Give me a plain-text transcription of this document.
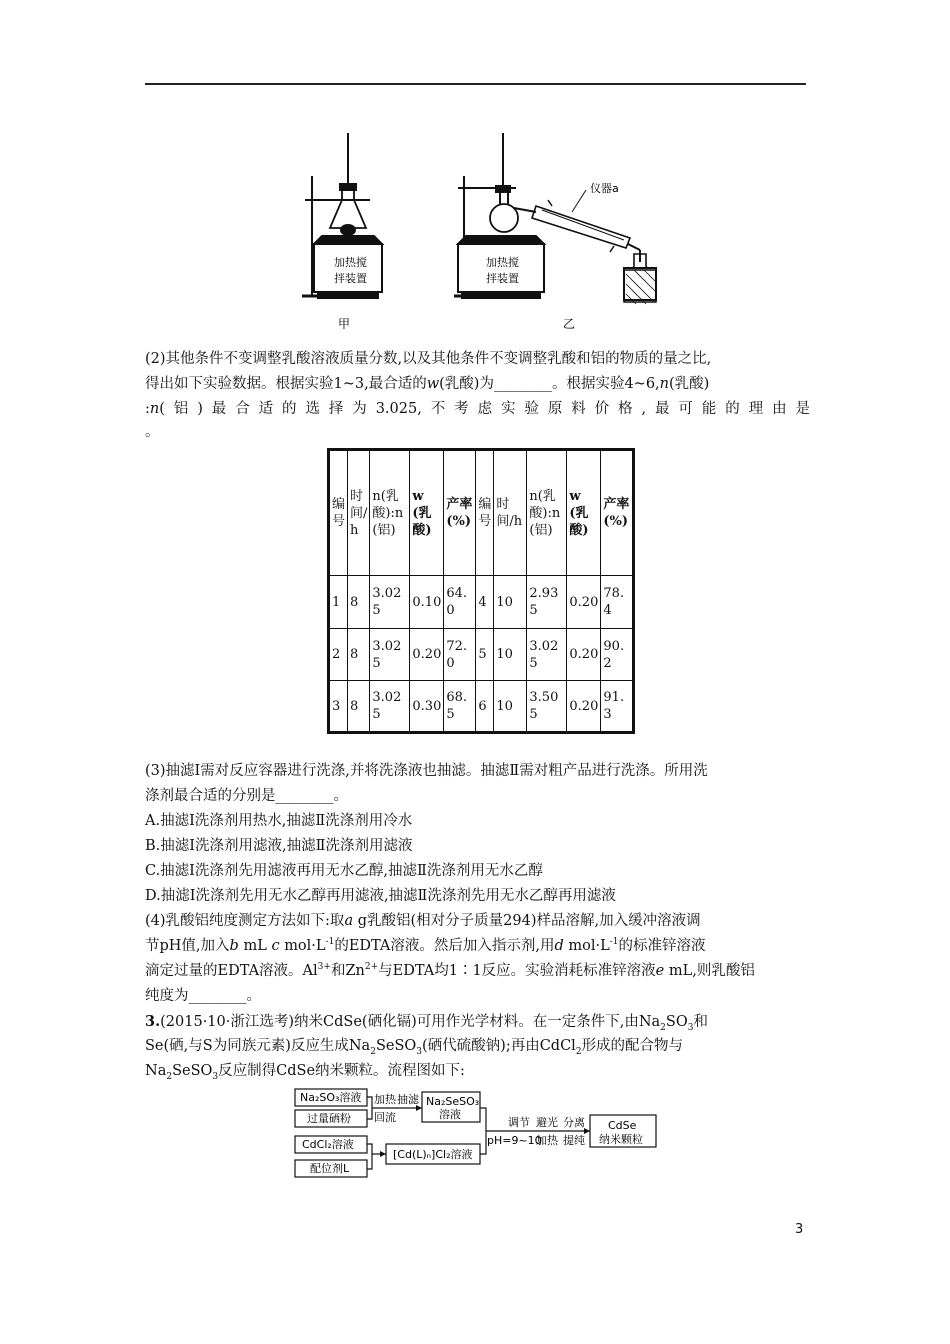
加热搅
拌装置
加热搅
拌装置
仪器a
甲	乙
(2)其他条件不变调整乳酸溶液质量分数,以及其他条件不变调整乳酸和铝的物质的量之比,
得出如下实验数据。根据实验1~3,最合适的w(乳酸)为________。根据实验4~6,n(乳酸)
:n(铝)最合适的选择为3.025,不考虑实验原料价格,最可能的理由是
。
编号	时间/h	n(乳酸):n(铝)	w(乳酸)	产率(%)	编号	时间/h	n(乳酸):n(铝)	w(乳酸)	产率(%)
1	8	3.025	0.10	64.0	4	10	2.935	0.20	78.4
2	8	3.025	0.20	72.0	5	10	3.025	0.20	90.2
3	8	3.025	0.30	68.5	6	10	3.505	0.20	91.3
(3)抽滤Ⅰ需对反应容器进行洗涤,并将洗涤液也抽滤。抽滤Ⅱ需对粗产品进行洗涤。所用洗
涤剂最合适的分别是________。
A.抽滤Ⅰ洗涤剂用热水,抽滤Ⅱ洗涤剂用冷水
B.抽滤Ⅰ洗涤剂用滤液,抽滤Ⅱ洗涤剂用滤液
C.抽滤Ⅰ洗涤剂先用滤液再用无水乙醇,抽滤Ⅱ洗涤剂用无水乙醇
D.抽滤Ⅰ洗涤剂先用无水乙醇再用滤液,抽滤Ⅱ洗涤剂先用无水乙醇再用滤液
(4)乳酸铝纯度测定方法如下:取a g乳酸铝(相对分子质量294)样品溶解,加入缓冲溶液调
节pH值,加入b mL c $mol\cdot L^{-1}$的EDTA溶液。然后加入指示剂,用d $mol\cdot L^{-1}$的标准锌溶液
滴定过量的EDTA溶液。$Al^{3+}$和$Zn^{2+}$与EDTA均1∶1反应。实验消耗标准锌溶液e mL,则乳酸铝
纯度为________。
3.(2015·10·浙江选考)纳米CdSe(硒化镉)可用作光学材料。在一定条件下,由$Na_2SO_3$和
Se(硒,与S为同族元素)反应生成$Na_2SeSO_3$(硒代硫酸钠);再由CdCl$_2$形成的配合物与
$Na_2SeSO_3$反应制得CdSe纳米颗粒。流程图如下:
Na₂SO₃溶液
过量硒粉
CdCl₂溶液
配位剂L
加热
回流
抽滤 Na₂SeSO₃
溶液
[Cd(L)ₙ]Cl₂溶液
调节
pH=9~10
避光
加热
分离
提纯
CdSe
纳米颗粒
3
